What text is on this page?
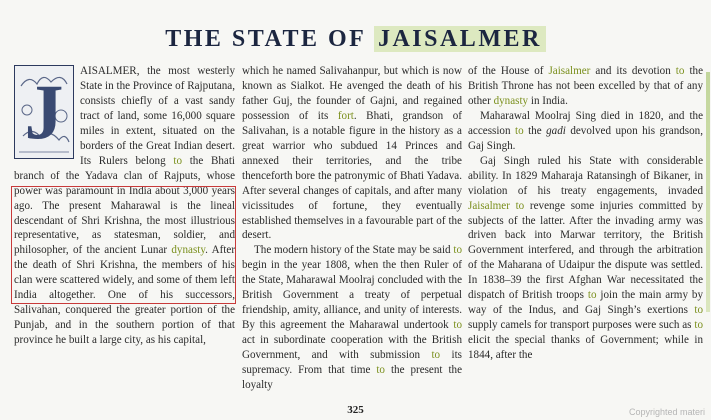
THE STATE OF JAISALMER
J	AISALMER, the most westerly State in the Province of Rajputana, consists chiefly of a vast sandy tract of land, some 16,000 square miles in extent, situated on the borders of the Great Indian desert. Its Rulers belong to the Bhati branch of the Yadava clan of Rajputs, whose power was paramount in India about 3,000 years ago. The present Maharawal is the lineal descendant of Shri Krishna, the most illustrious representative, as statesman, soldier, and philosopher, of the ancient Lunar dynasty. After the death of Shri Krishna, the members of his clan were scattered widely, and some of them left India altogether. One of his successors, Salivahan, conquered the greater portion of the Punjab, and in the southern portion of that province he built a large city, as his capital,

which he named Salivahanpur, but which is now known as Sialkot. He avenged the death of his father Guj, the founder of Gajni, and regained possession of its fort. Bhati, grandson of Salivahan, is a notable figure in the history as a great warrior who subdued 14 Princes and annexed their territories, and the tribe thenceforth bore the patronymic of Bhati Yadava. After several changes of capitals, and after many vicissitudes of fortune, they eventually established themselves in a favourable part of the desert.

The modern history of the State may be said to begin in the year 1808, when the then Ruler of the State, Maharawal Moolraj concluded with the British Government a treaty of perpetual friendship, amity, alliance, and unity of interests. By this agreement the Maharawal undertook to act in subordinate cooperation with the British Government, and with submission to its supremacy. From that time to the present the loyalty

of the House of Jaisalmer and its devotion to the British Throne has not been excelled by that of any other dynasty in India.

Maharawal Moolraj Sing died in 1820, and the accession to the gadi devolved upon his grandson, Gaj Singh.

Gaj Singh ruled his State with considerable ability. In 1829 Maharaja Ratansingh of Bikaner, in violation of his treaty engagements, invaded Jaisalmer to revenge some injuries committed by subjects of the latter. After the invading army was driven back into Marwar territory, the British Government interfered, and through the arbitration of the Maharana of Udaipur the dispute was settled. In 1838–39 the first Afghan War necessitated the dispatch of British troops to join the main army by way of the Indus, and Gaj Singh’s exertions to supply camels for transport purposes were such as to elicit the special thanks of Government; while in 1844, after the

325	Copyrighted materi
